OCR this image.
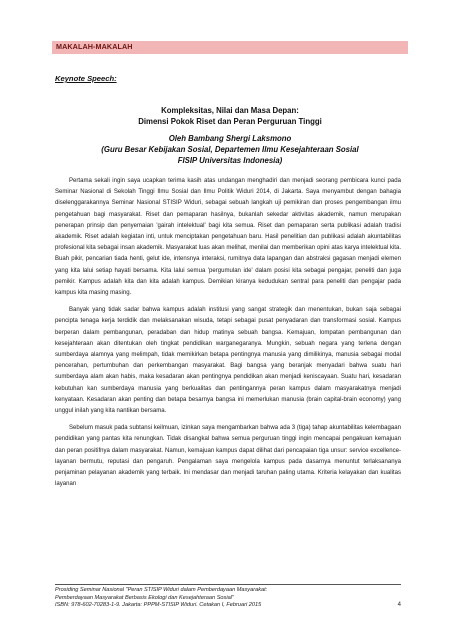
MAKALAH-MAKALAH
Keynote Speech:
Kompleksitas, Nilai dan Masa Depan:
Dimensi Pokok Riset dan Peran Perguruan Tinggi
Oleh Bambang Shergi Laksmono
(Guru Besar Kebijakan Sosial, Departemen Ilmu Kesejahteraan Sosial
FISIP Universitas Indonesia)

Pertama sekali ingin saya ucapkan terima kasih atas undangan menghadiri dan menjadi seorang pembicara kunci pada Seminar Nasional di Sekolah Tinggi Ilmu Sosial dan Ilmu Politik Widuri 2014, di Jakarta. Saya menyambut dengan bahagia diselenggarakannya Seminar Nasional STISIP Widuri, sebagai sebuah langkah uji pemikiran dan proses pengembangan ilmu pengetahuan bagi masyarakat. Riset dan pemaparan hasilnya, bukanlah sekedar aktivitas akademik, namun merupakan penerapan prinsip dan penyemaian 'gairah intelektual' bagi kita semua. Riset dan pemaparan serta publikasi adalah tradisi akademik. Riset adalah kegiatan inti, untuk menciptakan pengetahuan baru. Hasil penelitian dan publikasi adalah akuntabilitas profesional kita sebagai insan akademik. Masyarakat luas akan melihat, menilai dan memberikan opini atas karya intelektual kita. Buah pikir, pencarian tiada henti, gelut ide, intensnya interaksi, rumitnya data lapangan dan abstraksi gagasan menjadi elemen yang kita lalui setiap hayati bersama. Kita lalui semua 'pergumulan ide' dalam posisi kita sebagai pengajar, peneliti dan juga pemikir. Kampus adalah kita dan kita adalah kampus. Demikian kiranya kedudukan sentral para peneliti dan pengajar pada kampus kita masing masing.

Banyak yang tidak sadar bahwa kampus adalah institusi yang sangat strategik dan menentukan, bukan saja sebagai pencipta tenaga kerja terdidik dan melaksanakan wisuda, tetapi sebagai pusat penyadaran dan transformasi sosial. Kampus berperan dalam pembangunan, peradaban dan hidup matinya sebuah bangsa. Kemajuan, lompatan pembangunan dan kesejahteraan akan ditentukan oleh tingkat pendidikan warganegaranya. Mungkin, sebuah negara yang terlena dengan sumberdaya alamnya yang melimpah, tidak memikirkan betapa pentingnya manusia yang dimilikinya, manusia sebagai modal pencerahan, pertumbuhan dan perkembangan masyarakat. Bagi bangsa yang beranjak menyadari bahwa suatu hari sumberdaya alam akan habis, maka kesadaran akan pentingnya pendidikan akan menjadi keniscayaan. Suatu hari, kesadaran kebutuhan kan sumberdaya manusia yang berkualitas dan pentingannya peran kampus dalam masyarakatnya menjadi kenyataan. Kesadaran akan penting dan betapa besarnya bangsa ini memerlukan manusia (brain capital-brain economy) yang unggul inilah yang kita nantikan bersama.

Sebelum masuk pada subtansi keilmuan, izinkan saya mengambarkan bahwa ada 3 (tiga) tahap akuntabilitas kelembagaan pendidikan yang pantas kita renungkan. Tidak disangkal bahwa semua perguruan tinggi ingin mencapai pengakuan kemajuan dan peran positifnya dalam masyarakat. Namun, kemajuan kampus dapat dilihat dari pencapaian tiga unsur: service excellence-layanan bermutu, reputasi dan pengaruh. Pengalaman saya mengelola kampus pada dasarnya menuntut terlaksananya penjaminan pelayanan akademik yang terbaik. Ini mendasar dan menjadi taruhan paling utama. Kriteria kelayakan dan kualitas layanan

Prosiding Seminar Nasional "Peran STISIP Widuri dalam Pemberdayaan Masyarakat:
Pemberdayaan Masyarakat Berbasis Ekologi dan Kesejahteraan Sosial"
ISBN: 978-602-70283-1-9. Jakarta: PPPM-STISIP Widuri. Cetakan I, Februari 2015	4
